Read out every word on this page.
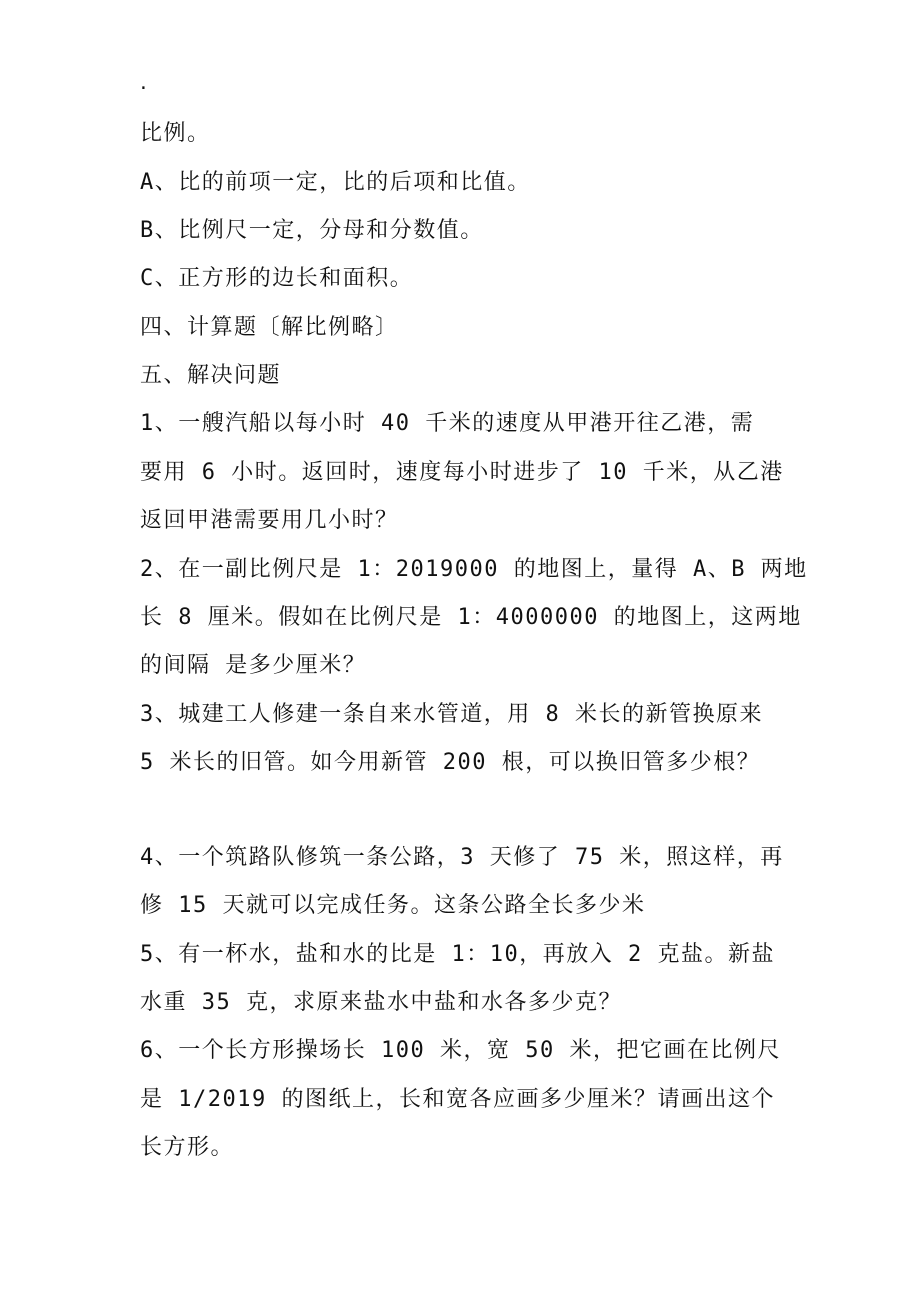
.
比例。
A、比的前项一定，比的后项和比值。
B、比例尺一定，分母和分数值。
C、正方形的边长和面积。
四、计算题〔解比例略〕
五、解决问题
1、一艘汽船以每小时 40 千米的速度从甲港开往乙港，需
要用 6 小时。返回时，速度每小时进步了 10 千米，从乙港
返回甲港需要用几小时？
2、在一副比例尺是 1：2019000 的地图上，量得 A、B 两地
长 8 厘米。假如在比例尺是 1：4000000 的地图上，这两地
的间隔 是多少厘米？
3、城建工人修建一条自来水管道，用 8 米长的新管换原来
5 米长的旧管。如今用新管 200 根，可以换旧管多少根？
4、一个筑路队修筑一条公路，3 天修了 75 米，照这样，再
修 15 天就可以完成任务。这条公路全长多少米
5、有一杯水，盐和水的比是 1：10，再放入 2 克盐。新盐
水重 35 克，求原来盐水中盐和水各多少克？
6、一个长方形操场长 100 米，宽 50 米，把它画在比例尺
是 1/2019 的图纸上，长和宽各应画多少厘米？请画出这个
长方形。
